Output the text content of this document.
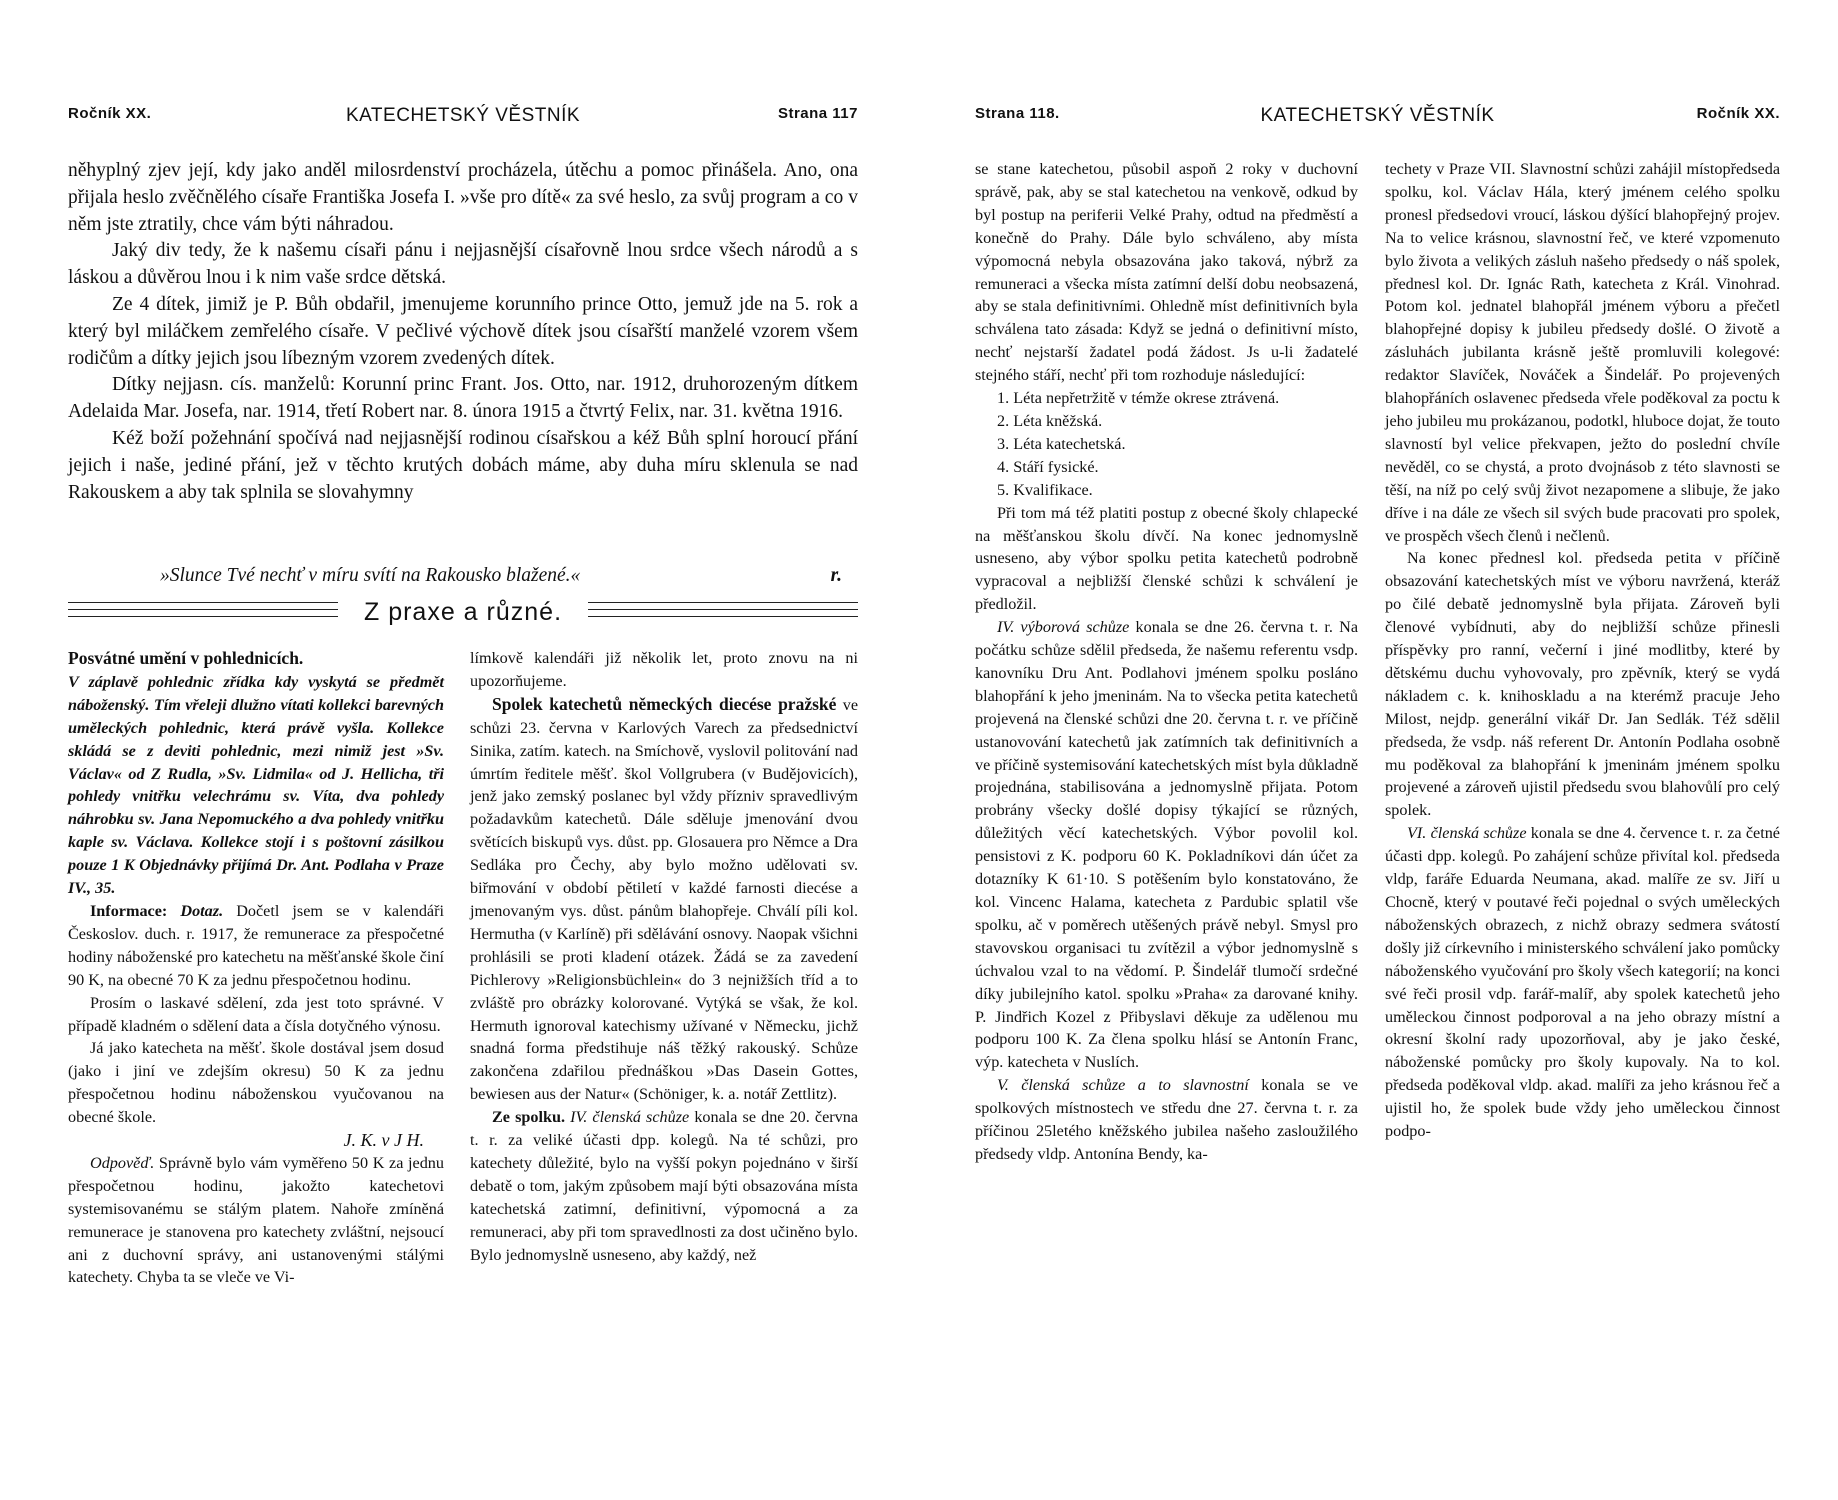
Ročník XX.	KATECHETSKÝ VĚSTNÍK	Strana 117

něhyplný zjev její, kdy jako anděl milosrdenství procházela, útěchu a pomoc přinášela. Ano, ona přijala heslo zvěčnělého císaře Františka Josefa I. »vše pro dítě« za své heslo, za svůj program a co v něm jste ztratily, chce vám býti náhradou.

Jaký div tedy, že k našemu císaři pánu i nejjasnější císařovně lnou srdce všech národů a s láskou a důvěrou lnou i k nim vaše srdce dětská.

Ze 4 dítek, jimiž je P. Bůh obdařil, jmenujeme korunního prince Otto, jemuž jde na 5. rok a který byl miláčkem zemřelého císaře. V pečlivé výchově dítek jsou císařští manželé vzorem všem rodičům a dítky jejich jsou líbezným vzorem zvedených dítek.

Dítky nejjasn. cís. manželů: Korunní princ Frant. Jos. Otto, nar. 1912, druhorozeným dítkem Adelaida Mar. Josefa, nar. 1914, třetí Robert nar. 8. února 1915 a čtvrtý Felix, nar. 31. května 1916.

Kéž boží požehnání spočívá nad nejjasnější rodinou císařskou a kéž Bůh splní horoucí přání jejich i naše, jediné přání, jež v těchto krutých dobách máme, aby duha míru sklenula se nad Rakouskem a aby tak splnila se slovahymny

»Slunce Tvé nechť v míru svítí na Rakousko blažené.«	r.
Z praxe a různé.

Posvátné umění v pohlednicích.

V záplavě pohlednic zřídka kdy vyskytá se předmět náboženský. Tím vřeleji dlužno vítati kollekci barevných uměleckých pohlednic, která právě vyšla. Kollekce skládá se z deviti pohlednic, mezi nimiž jest »Sv. Václav« od Z Rudla, »Sv. Lidmila« od J. Hellicha, tři pohledy vnitřku velechrámu sv. Víta, dva pohledy náhrobku sv. Jana Nepomuckého a dva pohledy vnitřku kaple sv. Václava. Kollekce stojí i s poštovní zásilkou pouze 1 K Objednávky přijímá Dr. Ant. Podlaha v Praze IV., 35.

Informace: Dotaz. Dočetl jsem se v kalendáři Českoslov. duch. r. 1917, že remunerace za přespočetné hodiny náboženské pro katechetu na měšťanské škole činí 90 K, na obecné 70 K za jednu přespočetnou hodinu.

Prosím o laskavé sdělení, zda jest toto správné. V případě kladném o sdělení data a čísla dotyčného výnosu.

Já jako katecheta na měšť. škole dostával jsem dosud (jako i jiní ve zdejším okresu) 50 K za jednu přespočetnou hodinu náboženskou vyučovanou na obecné škole.

J. K. v J H.

Odpověď. Správně bylo vám vyměřeno 50 K za jednu přespočetnou hodinu, jakožto katechetovi systemisovanému se stálým platem. Nahoře zmíněná remunerace je stanovena pro katechety zvláštní, nejsoucí ani z duchovní správy, ani ustanovenými stálými katechety. Chyba ta se vleče ve Vi-

límkově kalendáři již několik let, proto znovu na ni upozorňujeme.

Spolek katechetů německých diecése pražské ve schůzi 23. června v Karlových Varech za předsednictví Sinika, zatím. katech. na Smíchově, vyslovil politování nad úmrtím ředitele měšť. škol Vollgrubera (v Budějovicích), jenž jako zemský poslanec byl vždy přízniv spravedlivým požadavkům katechetů. Dále sděluje jmenování dvou světících biskupů vys. důst. pp. Glosauera pro Němce a Dra Sedláka pro Čechy, aby bylo možno udělovati sv. biřmování v období pětiletí v každé farnosti diecése a jmenovaným vys. důst. pánům blahopřeje. Chválí píli kol. Hermutha (v Karlíně) při sdělávání osnovy. Naopak všichni prohlásili se proti kladení otázek. Žádá se za zavedení Pichlerovy »Religionsbüchlein« do 3 nejnižších tříd a to zvláště pro obrázky kolorované. Vytýká se však, že kol. Hermuth ignoroval katechismy užívané v Německu, jichž snadná forma předstihuje náš těžký rakouský. Schůze zakončena zdařilou přednáškou »Das Dasein Gottes, bewiesen aus der Natur« (Schöniger, k. a. notář Zettlitz).

Ze spolku. IV. členská schůze konala se dne 20. června t. r. za veliké účasti dpp. kolegů. Na té schůzi, pro katechety důležité, bylo na vyšší pokyn pojednáno v širší debatě o tom, jakým způsobem mají býti obsazována místa katechetská zatimní, definitivní, výpomocná a za remuneraci, aby při tom spravedlnosti za dost učiněno bylo. Bylo jednomyslně usneseno, aby každý, než

Strana 118.	KATECHETSKÝ VĚSTNÍK	Ročník XX.

se stane katechetou, působil aspoň 2 roky v duchovní správě, pak, aby se stal katechetou na venkově, odkud by byl postup na periferii Velké Prahy, odtud na předměstí a konečně do Prahy. Dále bylo schváleno, aby místa výpomocná nebyla obsazována jako taková, nýbrž za remuneraci a všecka místa zatímní delší dobu neobsazená, aby se stala definitivními. Ohledně míst definitivních byla schválena tato zásada: Když se jedná o definitivní místo, nechť nejstarší žadatel podá žádost. Js u-li žadatelé stejného stáří, nechť při tom rozhoduje následující:

1. Léta nepřetržitě v témže okrese ztrávená.
2. Léta kněžská.
3. Léta katechetská.
4. Stáří fysické.
5. Kvalifikace.

Při tom má též platiti postup z obecné školy chlapecké na měšťanskou školu dívčí. Na konec jednomyslně usneseno, aby výbor spolku petita katechetů podrobně vypracoval a nejbližší členské schůzi k schválení je předložil.

IV. výborová schůze konala se dne 26. června t. r. Na počátku schůze sdělil předseda, že našemu referentu vsdp. kanovníku Dru Ant. Podlahovi jménem spolku posláno blahopřání k jeho jmeninám. Na to všecka petita katechetů projevená na členské schůzi dne 20. června t. r. ve příčině ustanovování katechetů jak zatímních tak definitivních a ve příčině systemisování katechetských míst byla důkladně projednána, stabilisována a jednomyslně přijata. Potom probrány všecky došlé dopisy týkající se různých, důležitých věcí katechetských. Výbor povolil kol. pensistovi z K. podporu 60 K. Pokladníkovi dán účet za dotazníky K 61·10. S potěšením bylo konstatováno, že kol. Vincenc Halama, katecheta z Pardubic splatil vše spolku, ač v poměrech utěšených právě nebyl. Smysl pro stavovskou organisaci tu zvítězil a výbor jednomyslně s úchvalou vzal to na vědomí. P. Šindelář tlumočí srdečné díky jubilejního katol. spolku »Praha« za darované knihy. P. Jindřich Kozel z Přibyslavi děkuje za udělenou mu podporu 100 K. Za člena spolku hlásí se Antonín Franc, výp. katecheta v Nuslích.

V. členská schůze a to slavnostní konala se ve spolkových místnostech ve středu dne 27. června t. r. za příčinou 25letého kněžského jubilea našeho zasloužilého předsedy vldp. Antonína Bendy, ka-

techety v Praze VII. Slavnostní schůzi zahájil místopředseda spolku, kol. Václav Hála, který jménem celého spolku pronesl předsedovi vroucí, láskou dýšící blahopřejný projev. Na to velice krásnou, slavnostní řeč, ve které vzpomenuto bylo života a velikých zásluh našeho předsedy o náš spolek, přednesl kol. Dr. Ignác Rath, katecheta z Král. Vinohrad. Potom kol. jednatel blahopřál jménem výboru a přečetl blahopřejné dopisy k jubileu předsedy došlé. O životě a zásluhách jubilanta krásně ještě promluvili kolegové: redaktor Slavíček, Nováček a Šindelář. Po projevených blahopřáních oslavenec předseda vřele poděkoval za poctu k jeho jubileu mu prokázanou, podotkl, hluboce dojat, že touto slavností byl velice překvapen, ježto do poslední chvíle nevěděl, co se chystá, a proto dvojnásob z této slavnosti se těší, na níž po celý svůj život nezapomene a slibuje, že jako dříve i na dále ze všech sil svých bude pracovati pro spolek, ve prospěch všech členů i nečlenů.

Na konec přednesl kol. předseda petita v příčině obsazování katechetských míst ve výboru navržená, kteráž po čilé debatě jednomyslně byla přijata. Zároveň byli členové vybídnuti, aby do nejbližší schůze přinesli příspěvky pro ranní, večerní i jiné modlitby, které by dětskému duchu vyhovovaly, pro zpěvník, který se vydá nákladem c. k. knihoskladu a na kterémž pracuje Jeho Milost, nejdp. generální vikář Dr. Jan Sedlák. Též sdělil předseda, že vsdp. náš referent Dr. Antonín Podlaha osobně mu poděkoval za blahopřání k jmeninám jménem spolku projevené a zároveň ujistil předsedu svou blahovůlí pro celý spolek.

VI. členská schůze konala se dne 4. července t. r. za četné účasti dpp. kolegů. Po zahájení schůze přivítal kol. předseda vldp, faráře Eduarda Neumana, akad. malíře ze sv. Jiří u Chocně, který v poutavé řeči pojednal o svých uměleckých náboženských obrazech, z nichž obrazy sedmera svátostí došly již církevního i ministerského schválení jako pomůcky náboženského vyučování pro školy všech kategorií; na konci své řeči prosil vdp. farář-malíř, aby spolek katechetů jeho uměleckou činnost podporoval a na jeho obrazy místní a okresní školní rady upozorňoval, aby je jako české, náboženské pomůcky pro školy kupovaly. Na to kol. předseda poděkoval vldp. akad. malíři za jeho krásnou řeč a ujistil ho, že spolek bude vždy jeho uměleckou činnost podpo-
